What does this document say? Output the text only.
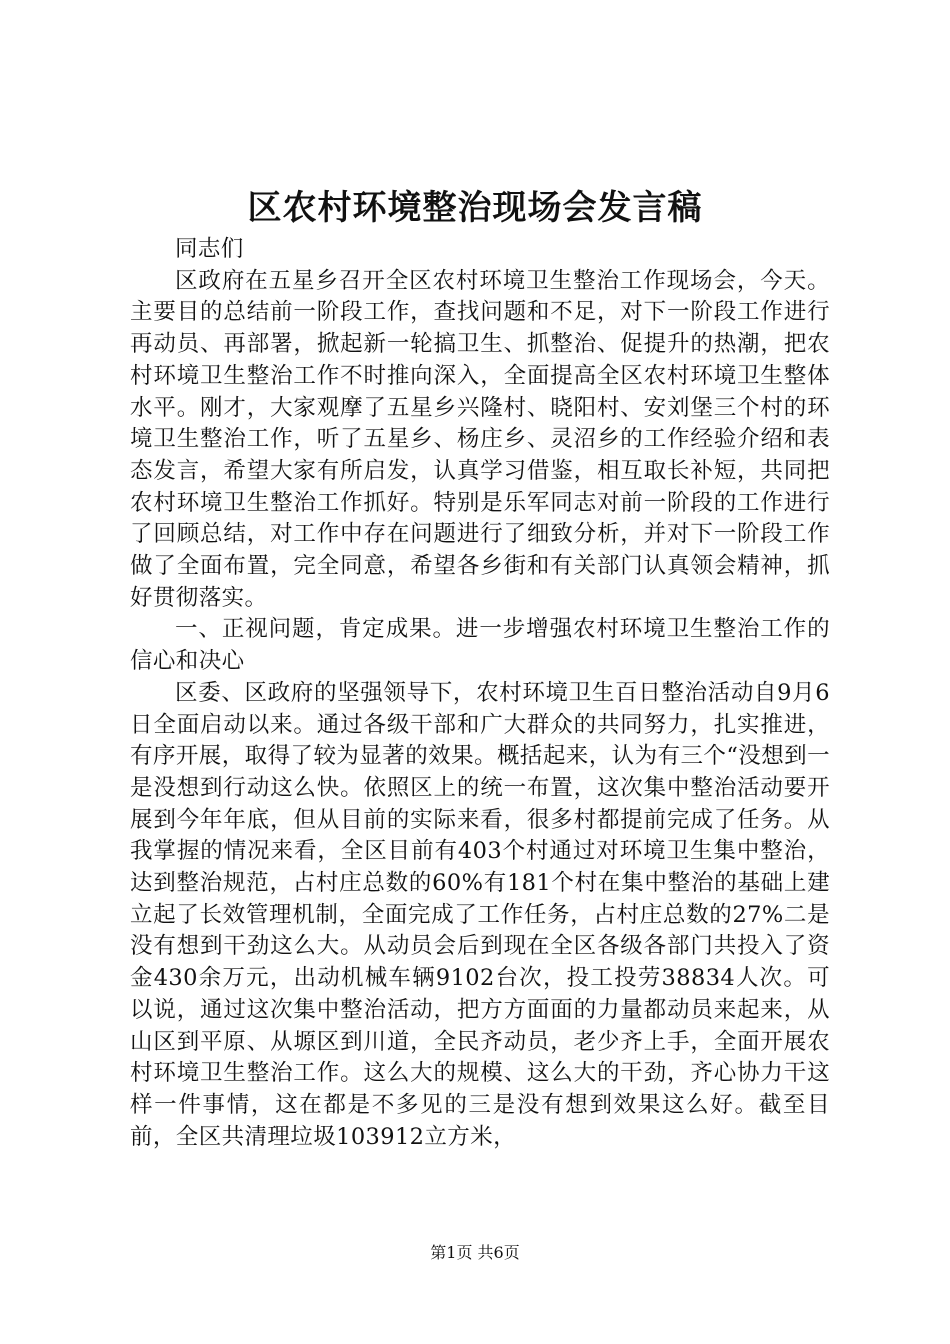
区农村环境整治现场会发言稿

同志们

区政府在五星乡召开全区农村环境卫生整治工作现场会，今天。主要目的总结前一阶段工作，查找问题和不足，对下一阶段工作进行再动员、再部署，掀起新一轮搞卫生、抓整治、促提升的热潮，把农村环境卫生整治工作不时推向深入，全面提高全区农村环境卫生整体水平。刚才，大家观摩了五星乡兴隆村、晓阳村、安刘堡三个村的环境卫生整治工作，听了五星乡、杨庄乡、灵沼乡的工作经验介绍和表态发言，希望大家有所启发，认真学习借鉴，相互取长补短，共同把农村环境卫生整治工作抓好。特别是乐军同志对前一阶段的工作进行了回顾总结，对工作中存在问题进行了细致分析，并对下一阶段工作做了全面布置，完全同意，希望各乡街和有关部门认真领会精神，抓好贯彻落实。

一、正视问题，肯定成果。进一步增强农村环境卫生整治工作的信心和决心

区委、区政府的坚强领导下，农村环境卫生百日整治活动自9月6日全面启动以来。通过各级干部和广大群众的共同努力，扎实推进，有序开展，取得了较为显著的效果。概括起来，认为有三个“没想到一是没想到行动这么快。依照区上的统一布置，这次集中整治活动要开展到今年年底，但从目前的实际来看，很多村都提前完成了任务。从我掌握的情况来看，全区目前有403个村通过对环境卫生集中整治，达到整治规范，占村庄总数的60%有181个村在集中整治的基础上建立起了长效管理机制，全面完成了工作任务，占村庄总数的27%二是没有想到干劲这么大。从动员会后到现在全区各级各部门共投入了资金430余万元，出动机械车辆9102台次，投工投劳38834人次。可以说，通过这次集中整治活动，把方方面面的力量都动员来起来，从山区到平原、从塬区到川道，全民齐动员，老少齐上手，全面开展农村环境卫生整治工作。这么大的规模、这么大的干劲，齐心协力干这样一件事情，这在都是不多见的三是没有想到效果这么好。截至目前，全区共清理垃圾103912立方米，

第1页 共6页
